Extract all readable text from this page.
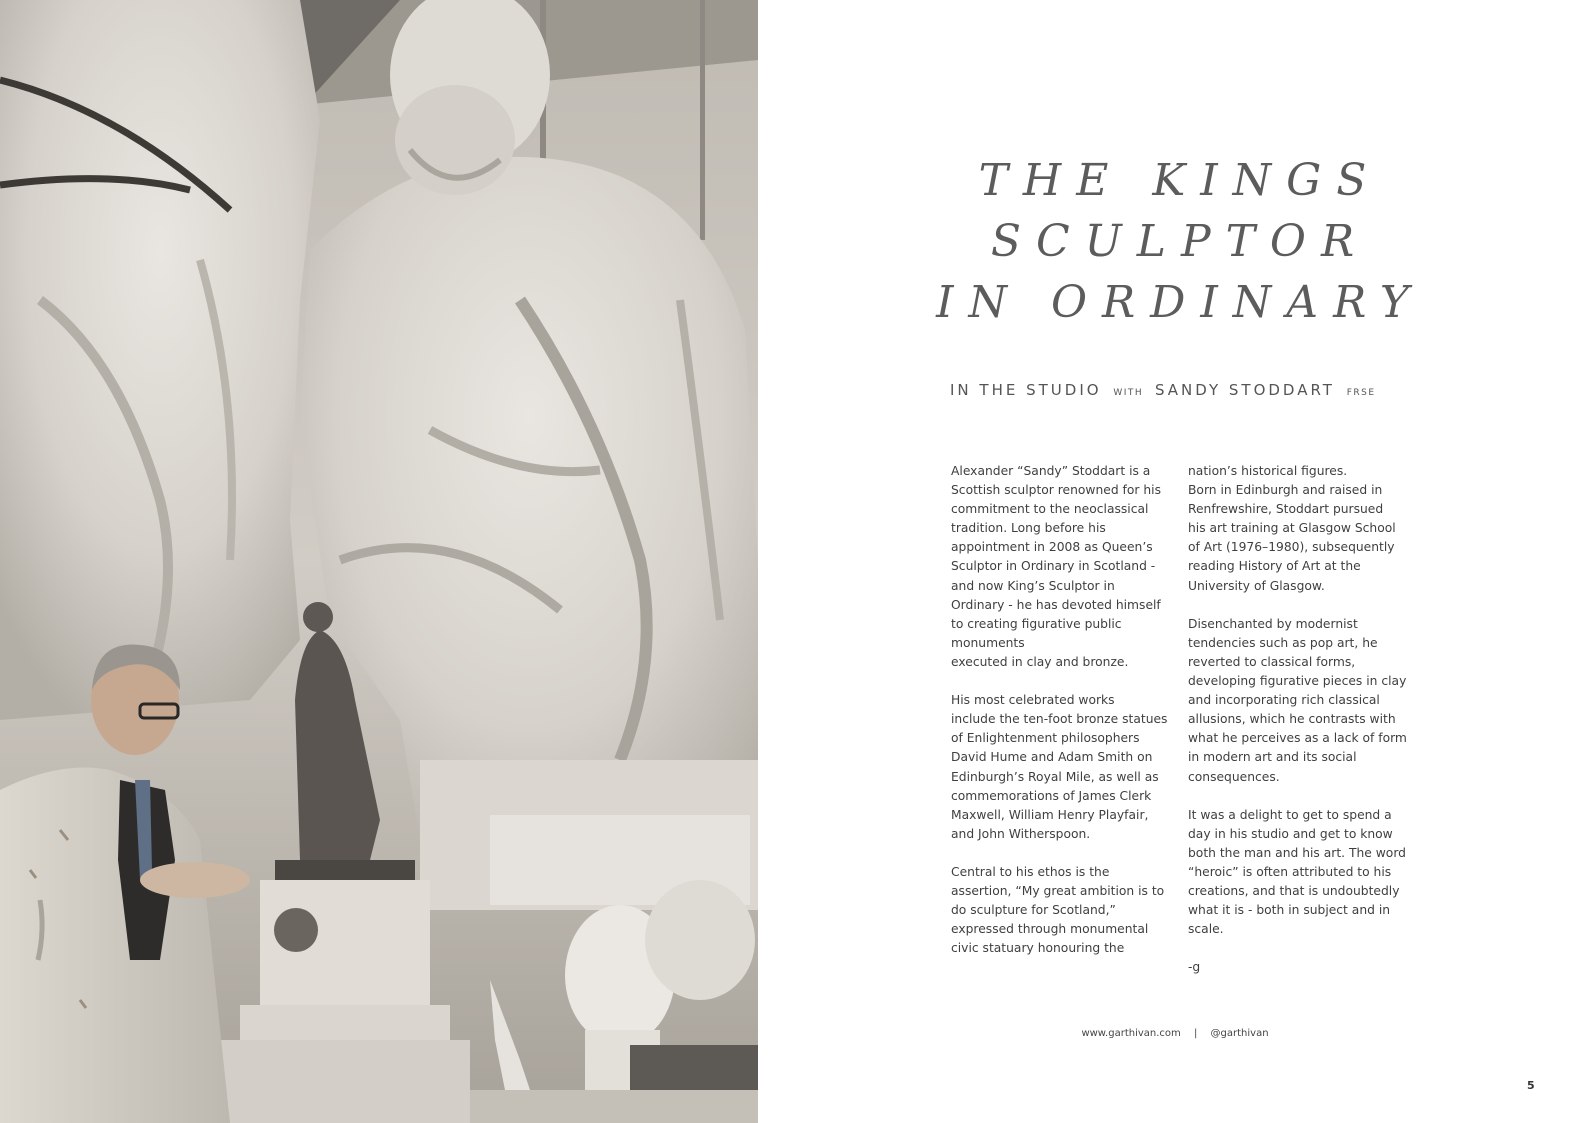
THE KINGS
SCULPTOR
IN ORDINARY
IN THE STUDIO WITH SANDY STODDART FRSE
Alexander “Sandy” Stoddart is a
Scottish sculptor renowned for his
commitment to the neoclassical
tradition. Long before his
appointment in 2008 as Queen’s
Sculptor in Ordinary in Scotland -
and now King’s Sculptor in
Ordinary - he has devoted himself
to creating figurative public
monuments
executed in clay and bronze.
His most celebrated works
include the ten-foot bronze statues
of Enlightenment philosophers
David Hume and Adam Smith on
Edinburgh’s Royal Mile, as well as
commemorations of James Clerk
Maxwell, William Henry Playfair,
and John Witherspoon.
Central to his ethos is the
assertion, “My great ambition is to
do sculpture for Scotland,”
expressed through monumental
civic statuary honouring the
nation’s historical figures.
Born in Edinburgh and raised in
Renfrewshire, Stoddart pursued
his art training at Glasgow School
of Art (1976–1980), subsequently
reading History of Art at the
University of Glasgow.
Disenchanted by modernist
tendencies such as pop art, he
reverted to classical forms,
developing figurative pieces in clay
and incorporating rich classical
allusions, which he contrasts with
what he perceives as a lack of form
in modern art and its social
consequences.
It was a delight to get to spend a
day in his studio and get to know
both the man and his art. The word
“heroic” is often attributed to his
creations, and that is undoubtedly
what it is - both in subject and in
scale.
-g
www.garthivan.com | @garthivan
5
